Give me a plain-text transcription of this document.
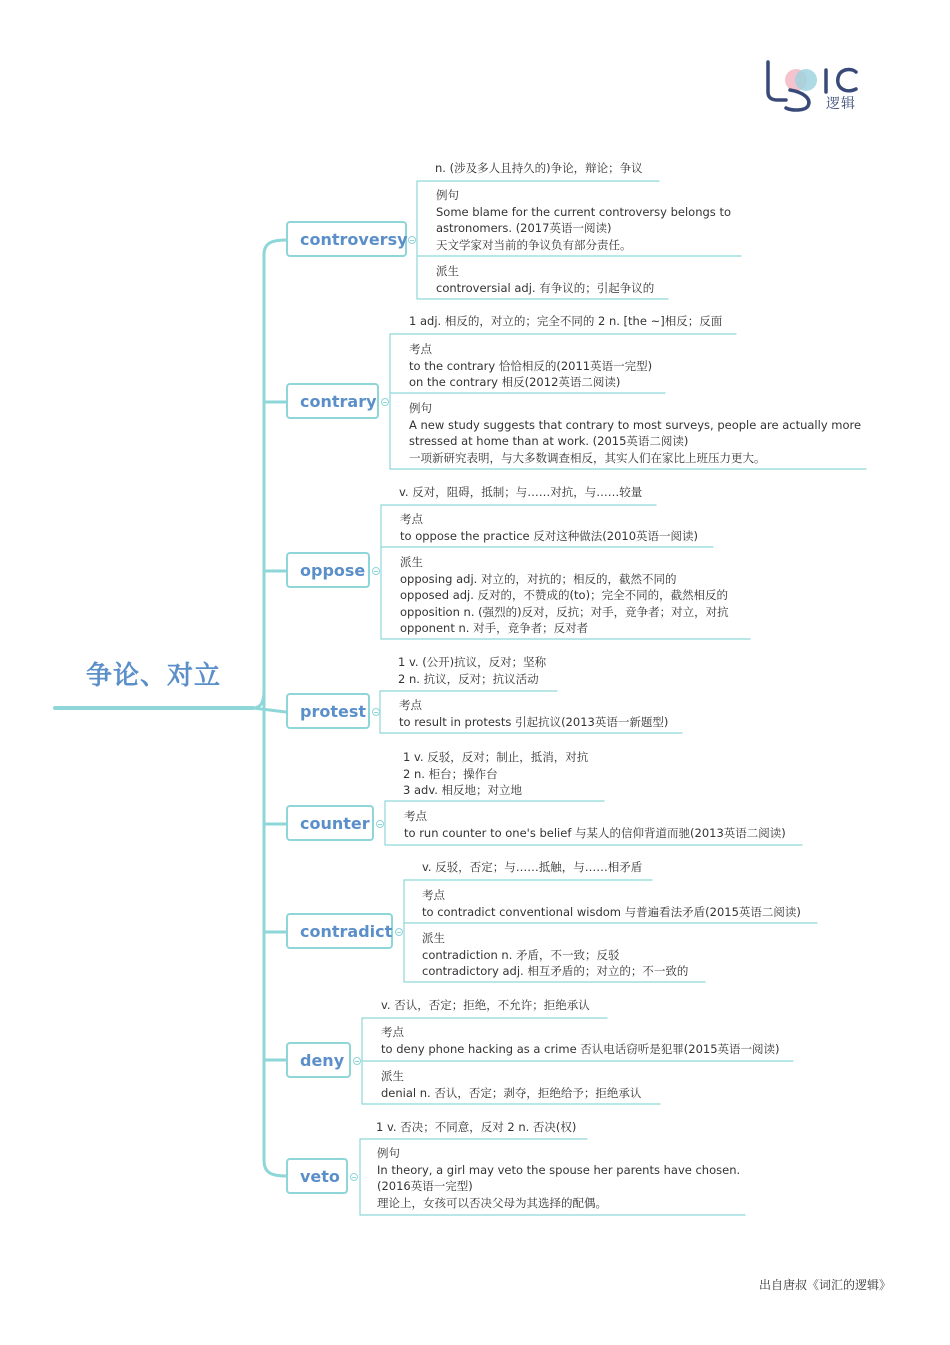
逻辑
争论、对立
controversy
contrary
oppose
protest
counter
contradict
deny
veto
n. (涉及多人且持久的)争论，辩论；争议
例句
Some blame for the current controversy belongs to
astronomers. (2017英语一阅读)
天文学家对当前的争议负有部分责任。
派生
controversial adj. 有争议的；引起争议的
1 adj. 相反的，对立的；完全不同的 2 n. [the ~]相反；反面
考点
to the contrary 恰恰相反的(2011英语一完型)
on the contrary 相反(2012英语二阅读)
例句
A new study suggests that contrary to most surveys, people are actually more
stressed at home than at work. (2015英语二阅读)
一项新研究表明，与大多数调查相反，其实人们在家比上班压力更大。
v. 反对，阻碍，抵制；与……对抗，与……较量
考点
to oppose the practice 反对这种做法(2010英语一阅读)
派生
opposing adj. 对立的，对抗的；相反的，截然不同的
opposed adj. 反对的，不赞成的(to)；完全不同的，截然相反的
opposition n. (强烈的)反对，反抗；对手，竞争者；对立，对抗
opponent n. 对手，竞争者；反对者
1 v. (公开)抗议，反对；坚称
2 n. 抗议，反对；抗议活动
考点
to result in protests 引起抗议(2013英语一新题型)
1 v. 反驳，反对；制止，抵消，对抗
2 n. 柜台；操作台
3 adv. 相反地；对立地
考点
to run counter to one's belief 与某人的信仰背道而驰(2013英语二阅读)
v. 反驳，否定；与……抵触，与……相矛盾
考点
to contradict conventional wisdom 与普遍看法矛盾(2015英语二阅读)
派生
contradiction n. 矛盾，不一致；反驳
contradictory adj. 相互矛盾的；对立的；不一致的
v. 否认，否定；拒绝，不允许；拒绝承认
考点
to deny phone hacking as a crime 否认电话窃听是犯罪(2015英语一阅读)
派生
denial n. 否认，否定；剥夺，拒绝给予；拒绝承认
1 v. 否决；不同意，反对 2 n. 否决(权)
例句
In theory, a girl may veto the spouse her parents have chosen.
(2016英语一完型)
理论上，女孩可以否决父母为其选择的配偶。
出自唐叔《词汇的逻辑》
